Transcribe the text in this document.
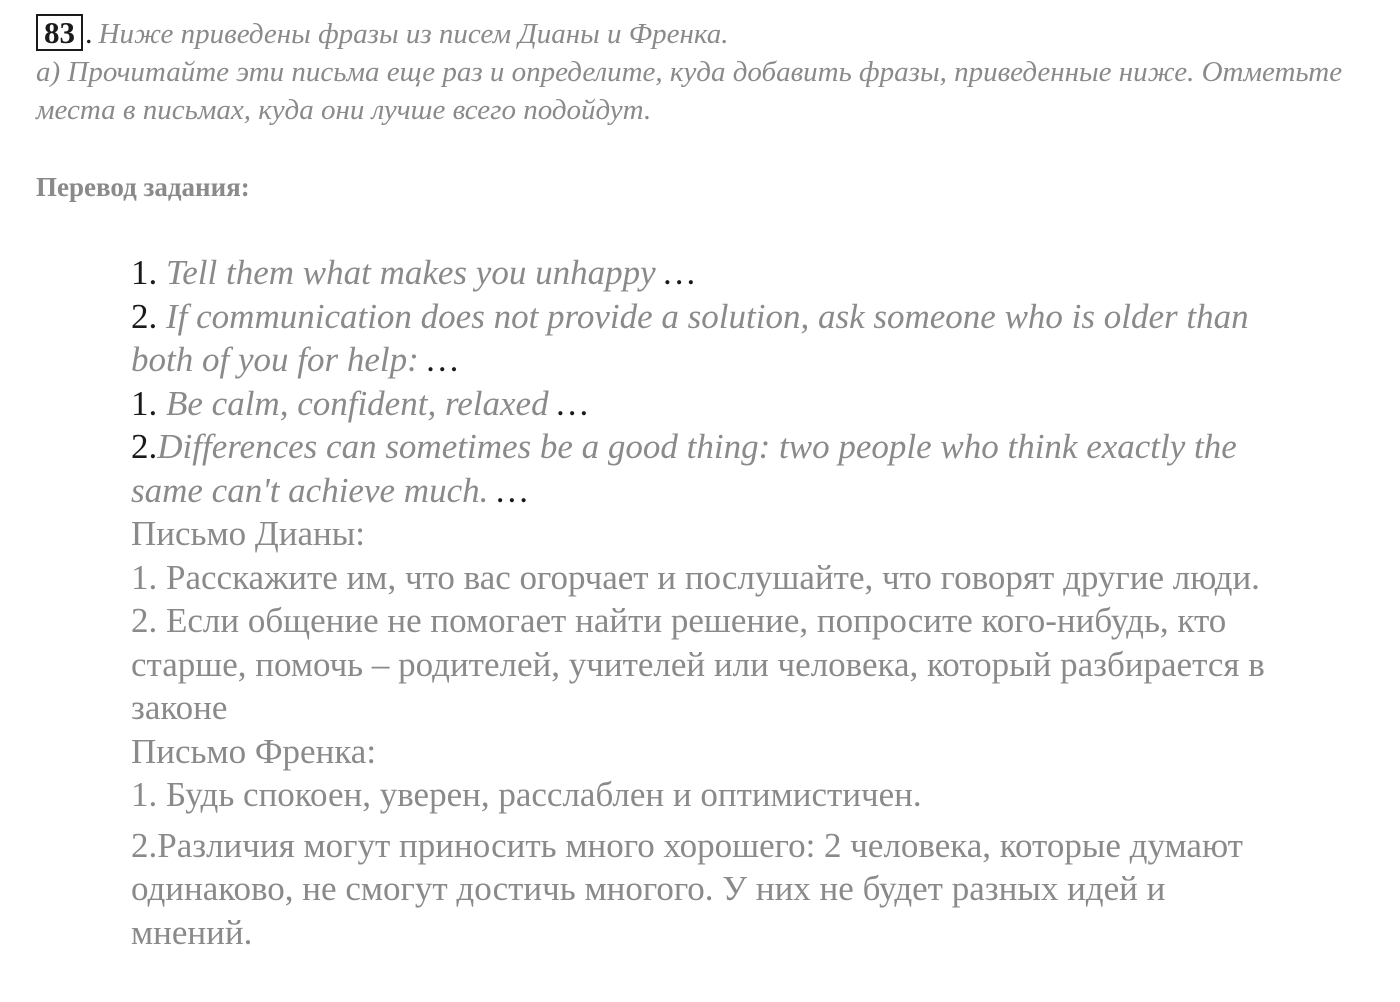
83 . Ниже приведены фразы из писем Дианы и Френка.
а) Прочитайте эти письма еще раз и определите, куда добавить фразы, приведенные ниже. Отметьте места в письмах, куда они лучше всего подойдут.
Перевод задания:
1. Tell them what makes you unhappy …
2. If communication does not provide a solution, ask someone who is older than both of you for help: …
1. Be calm, confident, relaxed …
2.Differences can sometimes be a good thing: two people who think exactly the same can't achieve much. …
Письмо Дианы:
1. Расскажите им, что вас огорчает и послушайте, что говорят другие люди.
2. Если общение не помогает найти решение, попросите кого-нибудь, кто старше, помочь – родителей, учителей или человека, который разбирается в законе
Письмо Френка:
1. Будь спокоен, уверен, расслаблен и оптимистичен.
2.Различия могут приносить много хорошего: 2 человека, которые думают одинаково, не смогут достичь многого. У них не будет разных идей и мнений.
